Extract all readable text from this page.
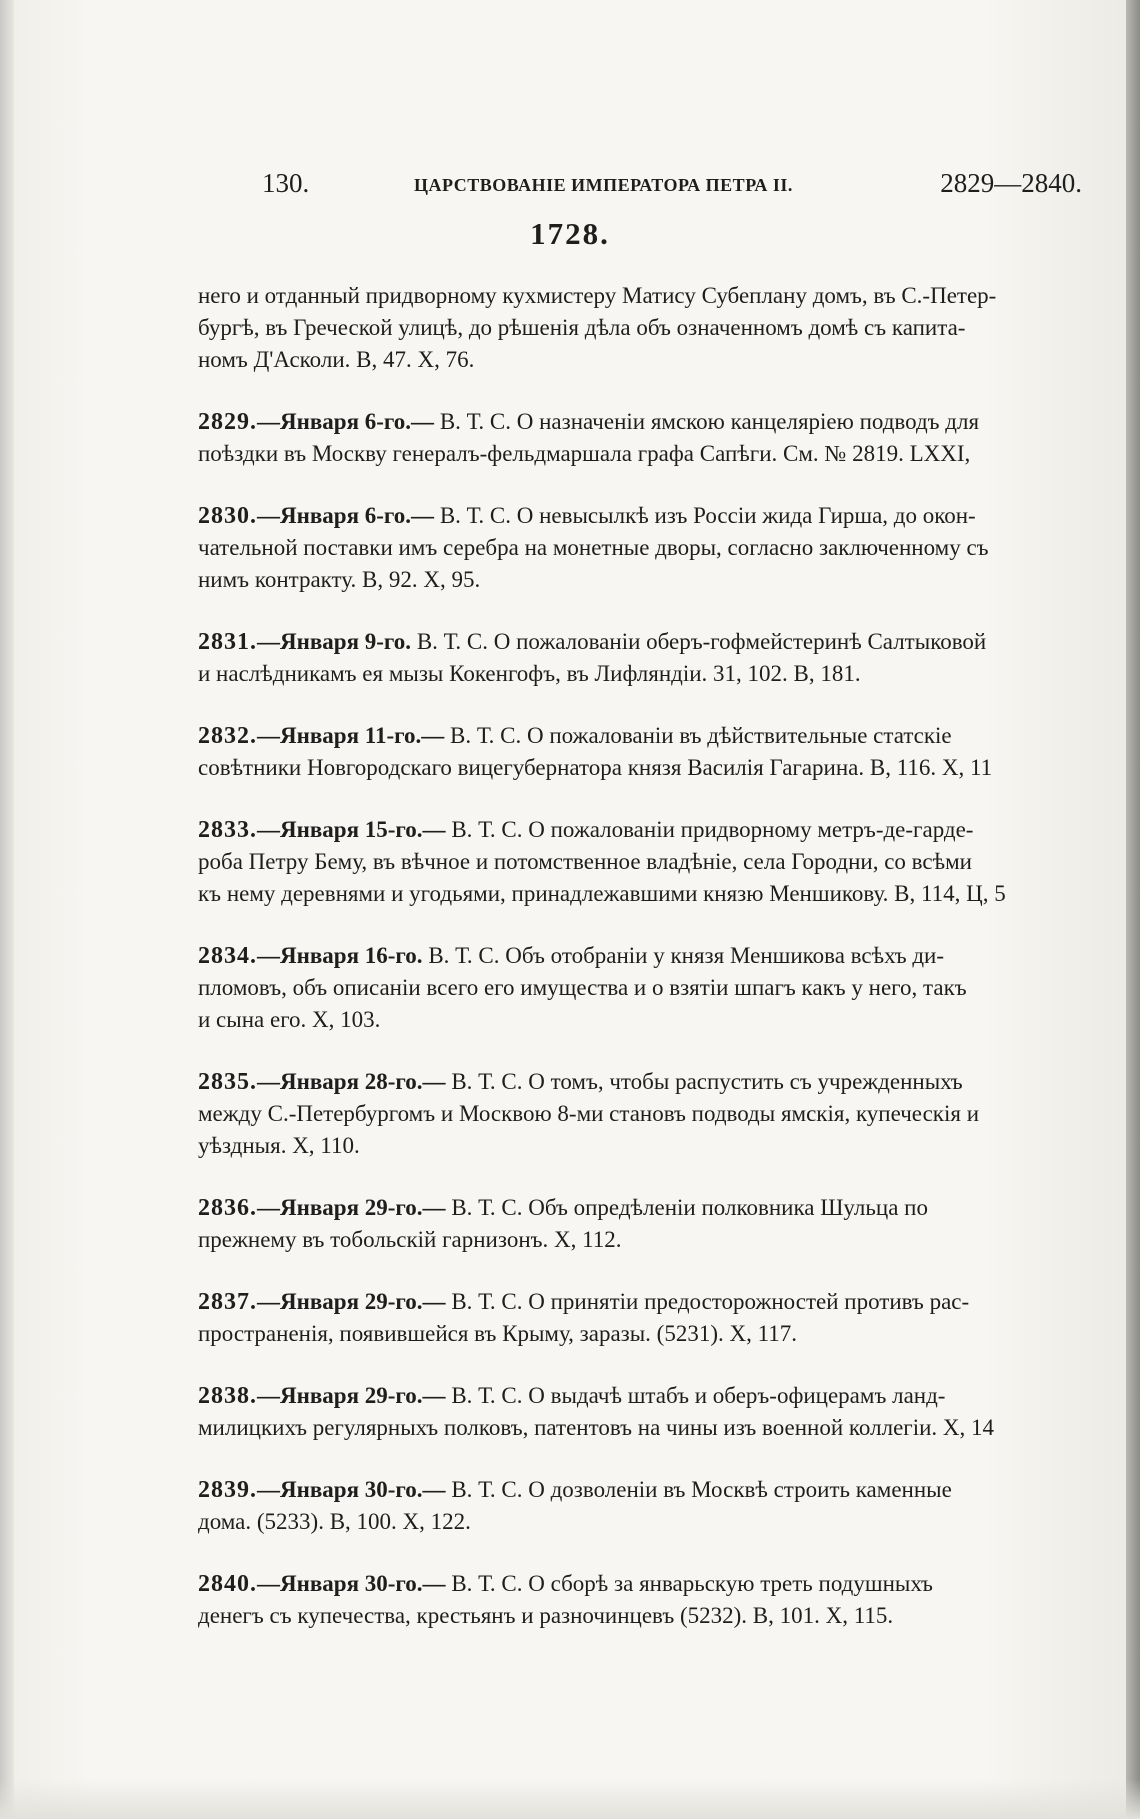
130.	ЦАРСТВОВАНІЕ ИМПЕРАТОРА ПЕТРА II.	2829—2840.
1728.

него и отданный придворному кухмистеру Матису Субеплану домъ, въ С.-Петер-

бургѣ, въ Греческой улицѣ, до рѣшенія дѣла объ означенномъ домѣ съ капита-

номъ Д'Асколи. В, 47. Х, 76.

2829.—Января 6-го.— В. Т. С. О назначеніи ямскою канцеляріею подводъ для

поѣздки въ Москву генералъ-фельдмаршала графа Сапѣги. См. № 2819. LXXI,

2830.—Января 6-го.— В. Т. С. О невысылкѣ изъ Россіи жида Гирша, до окон-

чательной поставки имъ серебра на монетные дворы, согласно заключенному съ

нимъ контракту. В, 92. Х, 95.

2831.—Января 9-го. В. Т. С. О пожалованіи оберъ-гофмейстеринѣ Салтыковой

и наслѣдникамъ ея мызы Кокенгофъ, въ Лифляндіи. 31, 102. В, 181.

2832.—Января 11-го.— В. Т. С. О пожалованіи въ дѣйствительные статскіе

совѣтники Новгородскаго вицегубернатора князя Василія Гагарина. В, 116. Х, 11

2833.—Января 15-го.— В. Т. С. О пожалованіи придворному метръ-де-гарде-

роба Петру Бему, въ вѣчное и потомственное владѣніе, села Городни, со всѣми

къ нему деревнями и угодьями, принадлежавшими князю Меншикову. В, 114, Ц, 5

2834.—Января 16-го. В. Т. С. Объ отобраніи у князя Меншикова всѣхъ ди-

пломовъ, объ описаніи всего его имущества и о взятіи шпагъ какъ у него, такъ

и сына его. Х, 103.

2835.—Января 28-го.— В. Т. С. О томъ, чтобы распустить съ учрежденныхъ

между С.-Петербургомъ и Москвою 8-ми становъ подводы ямскія, купеческія и

уѣздныя. Х, 110.

2836.—Января 29-го.— В. Т. С. Объ опредѣленіи полковника Шульца по

прежнему въ тобольскій гарнизонъ. Х, 112.

2837.—Января 29-го.— В. Т. С. О принятіи предосторожностей противъ рас-

пространенія, появившейся въ Крыму, заразы. (5231). Х, 117.

2838.—Января 29-го.— В. Т. С. О выдачѣ штабъ и оберъ-офицерамъ ланд-

милицкихъ регулярныхъ полковъ, патентовъ на чины изъ военной коллегіи. Х, 14

2839.—Января 30-го.— В. Т. С. О дозволеніи въ Москвѣ строить каменные

дома. (5233). В, 100. Х, 122.

2840.—Января 30-го.— В. Т. С. О сборѣ за январьскую треть подушныхъ

денегъ съ купечества, крестьянъ и разночинцевъ (5232). В, 101. Х, 115.
